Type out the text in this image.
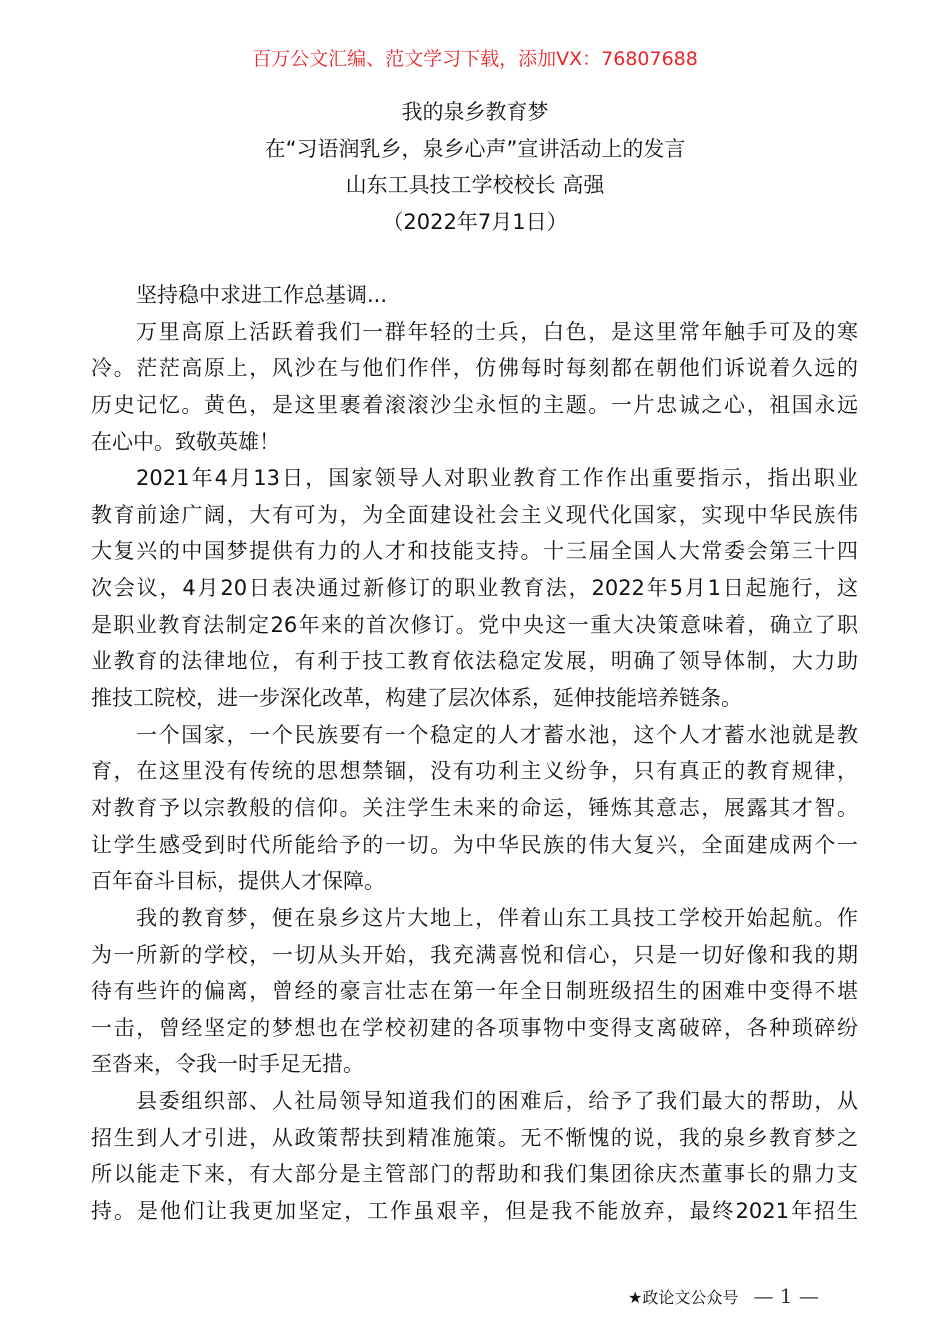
百万公文汇编、范文学习下载，添加VX：76807688
我的泉乡教育梦
在“习语润乳乡，泉乡心声”宣讲活动上的发言
山东工具技工学校校长 高强
（2022年7月1日）
坚持稳中求进工作总基调...
万里高原上活跃着我们一群年轻的士兵，白色，是这里常年触手可及的寒
冷。茫茫高原上，风沙在与他们作伴，仿佛每时每刻都在朝他们诉说着久远的
历史记忆。黄色，是这里裹着滚滚沙尘永恒的主题。一片忠诚之心，祖国永远
在心中。致敬英雄！
2021年4月13日，国家领导人对职业教育工作作出重要指示，指出职业
教育前途广阔，大有可为，为全面建设社会主义现代化国家，实现中华民族伟
大复兴的中国梦提供有力的人才和技能支持。十三届全国人大常委会第三十四
次会议，4月20日表决通过新修订的职业教育法，2022年5月1日起施行，这
是职业教育法制定26年来的首次修订。党中央这一重大决策意味着，确立了职
业教育的法律地位，有利于技工教育依法稳定发展，明确了领导体制，大力助
推技工院校，进一步深化改革，构建了层次体系，延伸技能培养链条。
一个国家，一个民族要有一个稳定的人才蓄水池，这个人才蓄水池就是教
育，在这里没有传统的思想禁锢，没有功利主义纷争，只有真正的教育规律，
对教育予以宗教般的信仰。关注学生未来的命运，锤炼其意志，展露其才智。
让学生感受到时代所能给予的一切。为中华民族的伟大复兴，全面建成两个一
百年奋斗目标，提供人才保障。
我的教育梦，便在泉乡这片大地上，伴着山东工具技工学校开始起航。作
为一所新的学校，一切从头开始，我充满喜悦和信心，只是一切好像和我的期
待有些许的偏离，曾经的豪言壮志在第一年全日制班级招生的困难中变得不堪
一击，曾经坚定的梦想也在学校初建的各项事物中变得支离破碎，各种琐碎纷
至沓来，令我一时手足无措。
县委组织部、人社局领导知道我们的困难后，给予了我们最大的帮助，从
招生到人才引进，从政策帮扶到精准施策。无不惭愧的说，我的泉乡教育梦之
所以能走下来，有大部分是主管部门的帮助和我们集团徐庆杰董事长的鼎力支
持。是他们让我更加坚定，工作虽艰辛，但是我不能放弃，最终2021年招生
★政论文公众号 — 1 —
